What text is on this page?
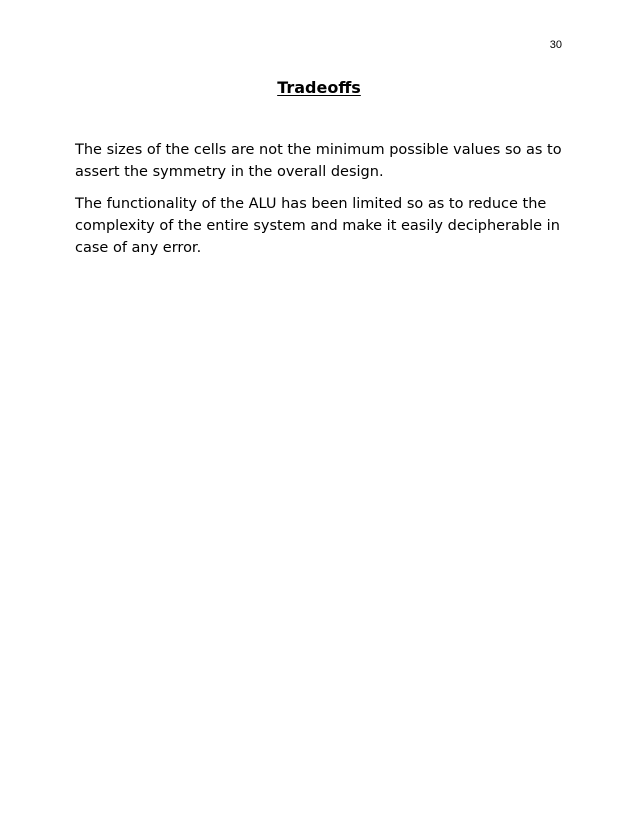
30
Tradeoffs

The sizes of the cells are not the minimum possible values so as to assert the symmetry in the overall design.

The functionality of the ALU has been limited so as to reduce the complexity of the entire system and make it easily decipherable in case of any error.
